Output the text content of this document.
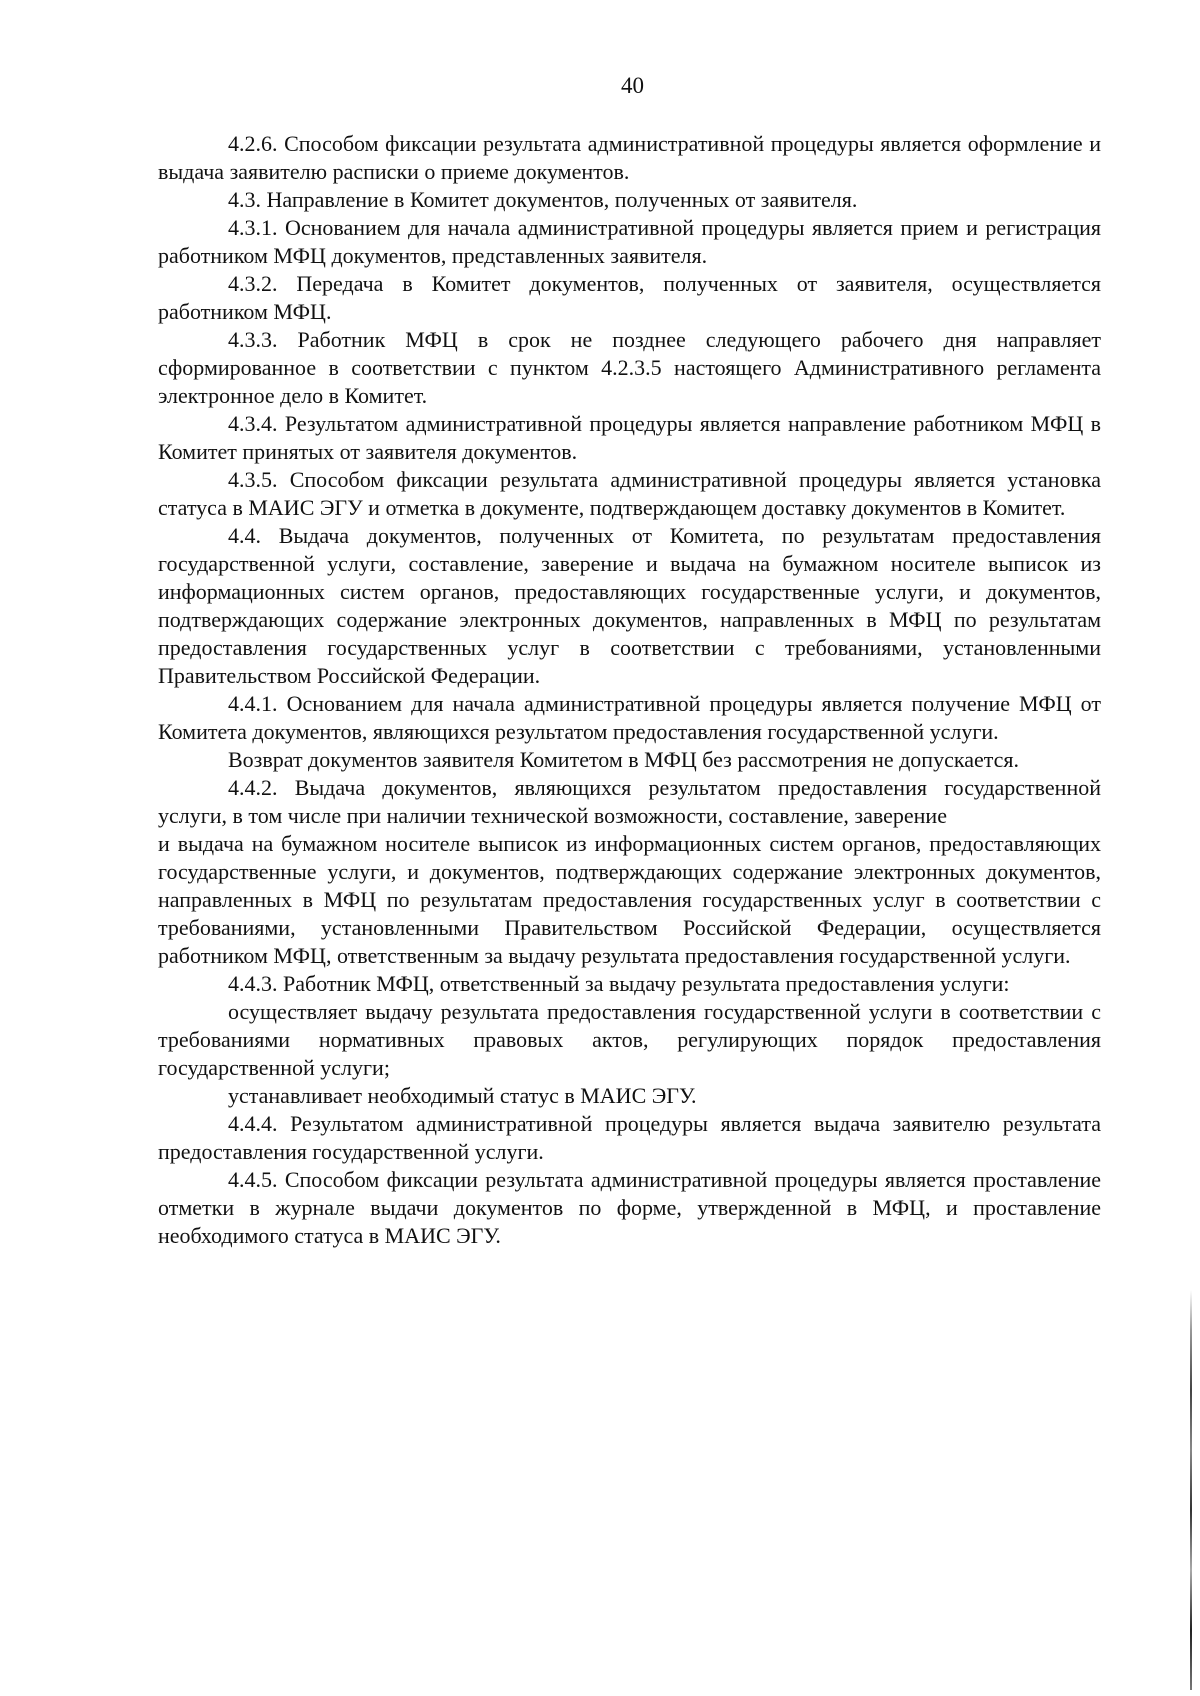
40

4.2.6. Способом фиксации результата административной процедуры является оформление и выдача заявителю расписки о приеме документов.

4.3. Направление в Комитет документов, полученных от заявителя.

4.3.1. Основанием для начала административной процедуры является прием и регистрация работником МФЦ документов, представленных заявителя.

4.3.2. Передача в Комитет документов, полученных от заявителя, осуществляется работником МФЦ.

4.3.3. Работник МФЦ в срок не позднее следующего рабочего дня направляет сформированное в соответствии с пунктом 4.2.3.5 настоящего Административного регламента электронное дело в Комитет.

4.3.4. Результатом административной процедуры является направление работником МФЦ в Комитет принятых от заявителя документов.

4.3.5. Способом фиксации результата административной процедуры является установка статуса в МАИС ЭГУ и отметка в документе, подтверждающем доставку документов в Комитет.

4.4. Выдача документов, полученных от Комитета, по результатам предоставления государственной услуги, составление, заверение и выдача на бумажном носителе выписок из информационных систем органов, предоставляющих государственные услуги, и документов, подтверждающих содержание электронных документов, направленных в МФЦ по результатам предоставления государственных услуг в соответствии с требованиями, установленными Правительством Российской Федерации.

4.4.1. Основанием для начала административной процедуры является получение МФЦ от Комитета документов, являющихся результатом предоставления государственной услуги.

Возврат документов заявителя Комитетом в МФЦ без рассмотрения не допускается.

4.4.2. Выдача документов, являющихся результатом предоставления государственной услуги, в том числе при наличии технической возможности, составление, заверение

и выдача на бумажном носителе выписок из информационных систем органов, предоставляющих государственные услуги, и документов, подтверждающих содержание электронных документов, направленных в МФЦ по результатам предоставления государственных услуг в соответствии с требованиями, установленными Правительством Российской Федерации, осуществляется работником МФЦ, ответственным за выдачу результата предоставления государственной услуги.

4.4.3. Работник МФЦ, ответственный за выдачу результата предоставления услуги:

осуществляет выдачу результата предоставления государственной услуги в соответствии с требованиями нормативных правовых актов, регулирующих порядок предоставления государственной услуги;

устанавливает необходимый статус в МАИС ЭГУ.

4.4.4. Результатом административной процедуры является выдача заявителю результата предоставления государственной услуги.

4.4.5. Способом фиксации результата административной процедуры является проставление отметки в журнале выдачи документов по форме, утвержденной в МФЦ, и проставление необходимого статуса в МАИС ЭГУ.
